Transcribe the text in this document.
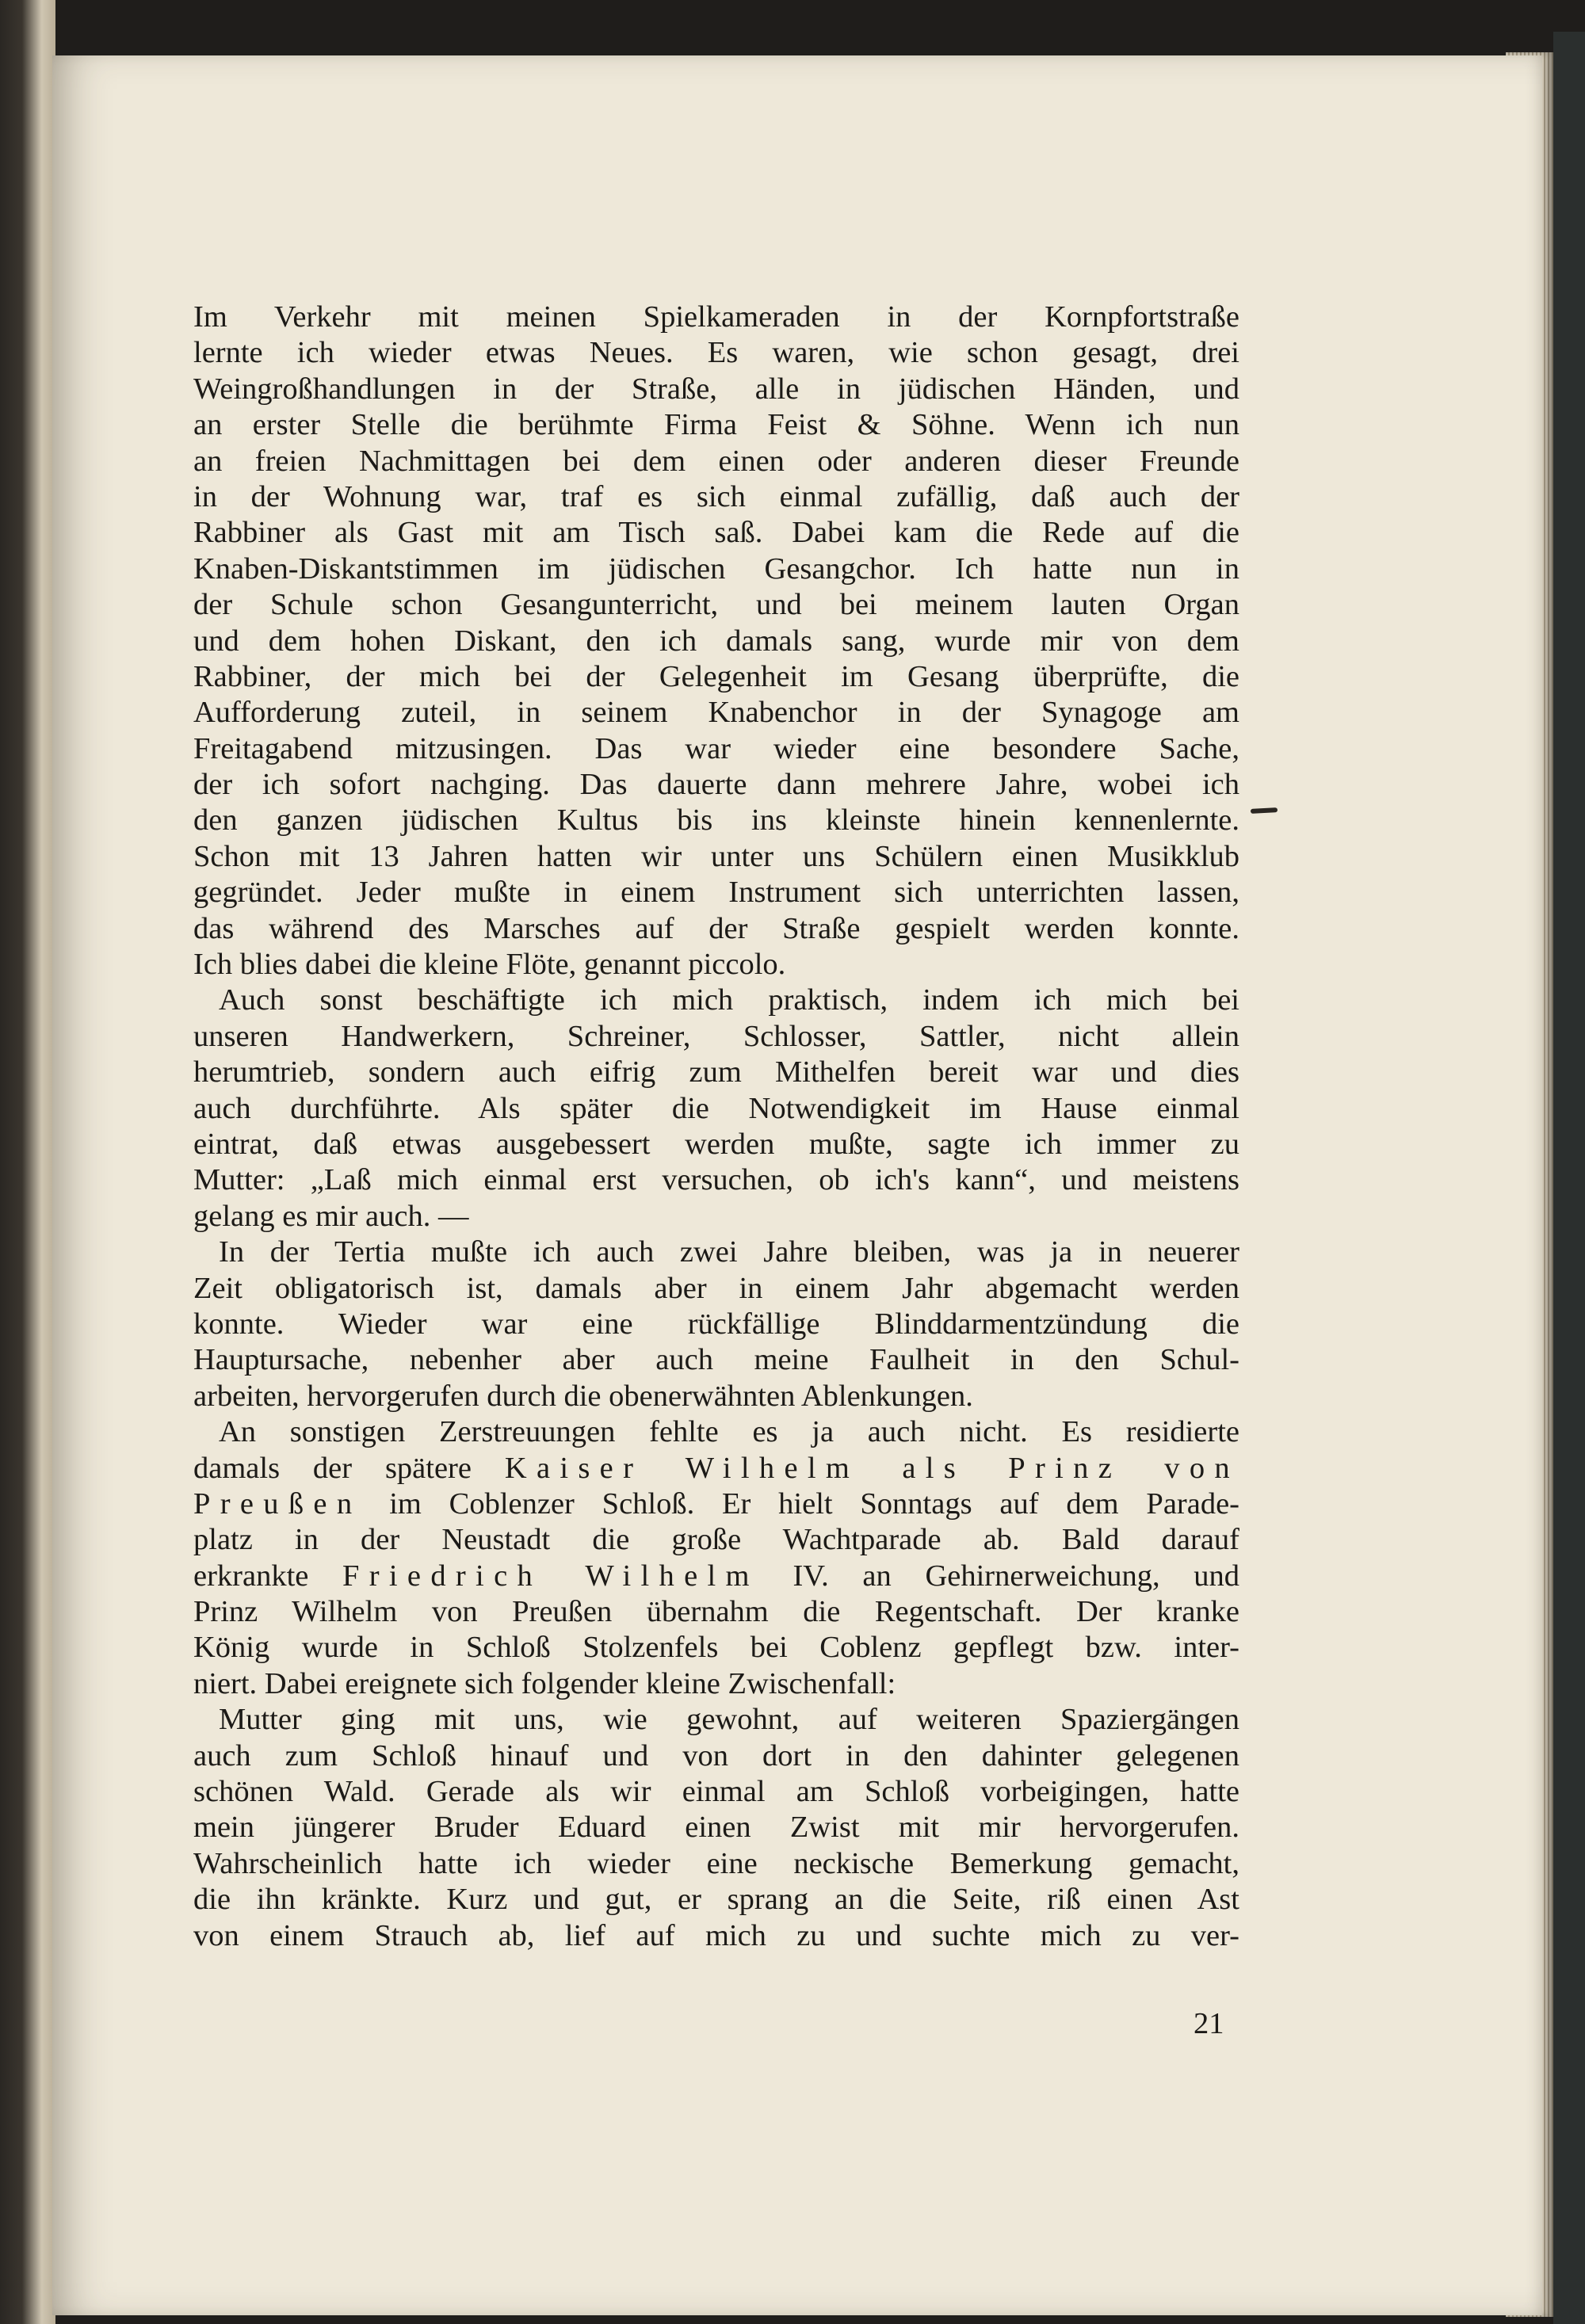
Im Verkehr mit meinen Spielkameraden in der Kornpfortstraße
lernte ich wieder etwas Neues. Es waren, wie schon gesagt, drei
Weingroßhandlungen in der Straße, alle in jüdischen Händen, und
an erster Stelle die berühmte Firma Feist & Söhne. Wenn ich nun
an freien Nachmittagen bei dem einen oder anderen dieser Freunde
in der Wohnung war, traf es sich einmal zufällig, daß auch der
Rabbiner als Gast mit am Tisch saß. Dabei kam die Rede auf die
Knaben-Diskantstimmen im jüdischen Gesangchor. Ich hatte nun in
der Schule schon Gesangunterricht, und bei meinem lauten Organ
und dem hohen Diskant, den ich damals sang, wurde mir von dem
Rabbiner, der mich bei der Gelegenheit im Gesang überprüfte, die
Aufforderung zuteil, in seinem Knabenchor in der Synagoge am
Freitagabend mitzusingen. Das war wieder eine besondere Sache,
der ich sofort nachging. Das dauerte dann mehrere Jahre, wobei ich
den ganzen jüdischen Kultus bis ins kleinste hinein kennenlernte.
Schon mit 13 Jahren hatten wir unter uns Schülern einen Musikklub
gegründet. Jeder mußte in einem Instrument sich unterrichten lassen,
das während des Marsches auf der Straße gespielt werden konnte.
Ich blies dabei die kleine Flöte, genannt piccolo.
Auch sonst beschäftigte ich mich praktisch, indem ich mich bei
unseren Handwerkern, Schreiner, Schlosser, Sattler, nicht allein
herumtrieb, sondern auch eifrig zum Mithelfen bereit war und dies
auch durchführte. Als später die Notwendigkeit im Hause einmal
eintrat, daß etwas ausgebessert werden mußte, sagte ich immer zu
Mutter: „Laß mich einmal erst versuchen, ob ich's kann“, und meistens
gelang es mir auch. —
In der Tertia mußte ich auch zwei Jahre bleiben, was ja in neuerer
Zeit obligatorisch ist, damals aber in einem Jahr abgemacht werden
konnte. Wieder war eine rückfällige Blinddarmentzündung die
Hauptursache, nebenher aber auch meine Faulheit in den Schul-
arbeiten, hervorgerufen durch die obenerwähnten Ablenkungen.
An sonstigen Zerstreuungen fehlte es ja auch nicht. Es residierte
damals der spätere Kaiser Wilhelm als Prinz von
Preußen im Coblenzer Schloß. Er hielt Sonntags auf dem Parade-
platz in der Neustadt die große Wachtparade ab. Bald darauf
erkrankte Friedrich Wilhelm IV. an Gehirnerweichung, und
Prinz Wilhelm von Preußen übernahm die Regentschaft. Der kranke
König wurde in Schloß Stolzenfels bei Coblenz gepflegt bzw. inter-
niert. Dabei ereignete sich folgender kleine Zwischenfall:
Mutter ging mit uns, wie gewohnt, auf weiteren Spaziergängen
auch zum Schloß hinauf und von dort in den dahinter gelegenen
schönen Wald. Gerade als wir einmal am Schloß vorbeigingen, hatte
mein jüngerer Bruder Eduard einen Zwist mit mir hervorgerufen.
Wahrscheinlich hatte ich wieder eine neckische Bemerkung gemacht,
die ihn kränkte. Kurz und gut, er sprang an die Seite, riß einen Ast
von einem Strauch ab, lief auf mich zu und suchte mich zu ver-
21
